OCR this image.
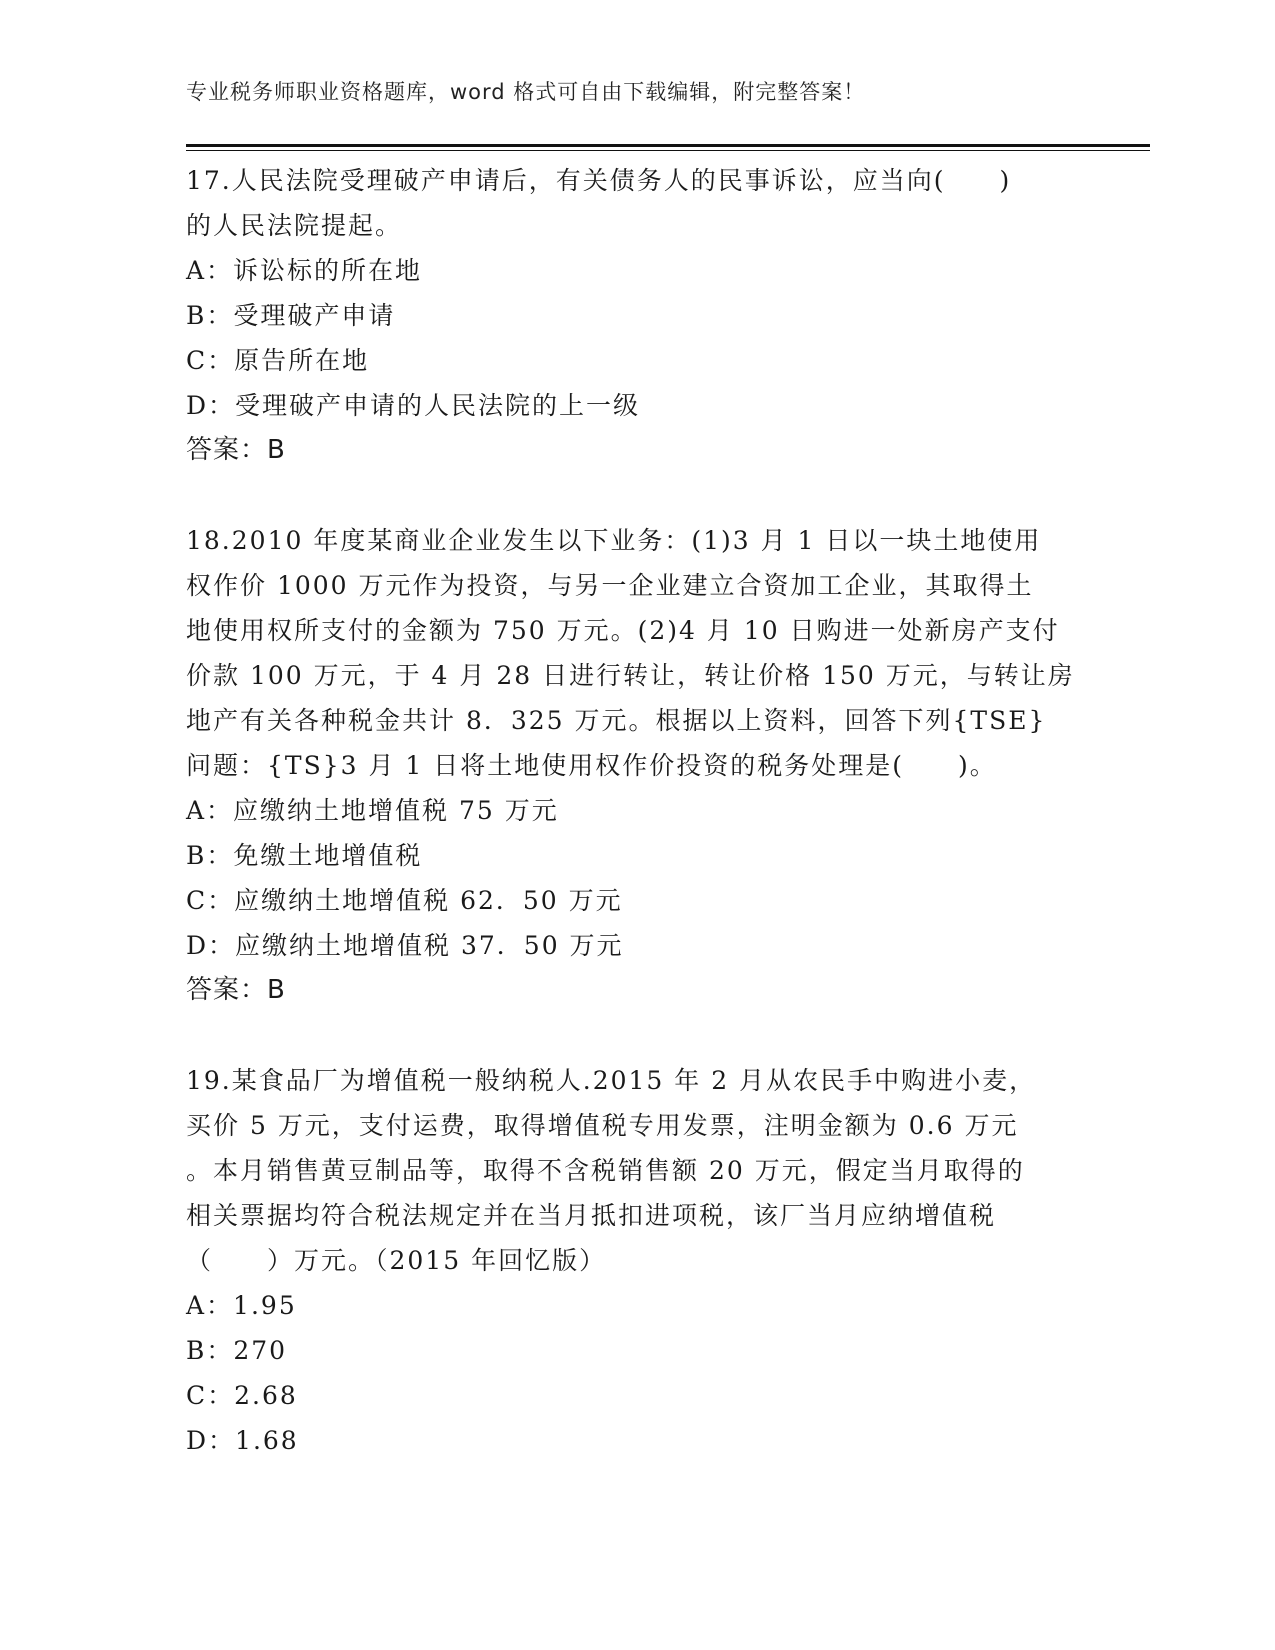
专业税务师职业资格题库，word 格式可自由下载编辑，附完整答案！

17.人民法院受理破产申请后，有关债务人的民事诉讼，应当向(　　)

的人民法院提起。

A：诉讼标的所在地

B：受理破产申请

C：原告所在地

D：受理破产申请的人民法院的上一级

答案：B

18.2010 年度某商业企业发生以下业务：(1)3 月 1 日以一块土地使用

权作价 1000 万元作为投资，与另一企业建立合资加工企业，其取得土

地使用权所支付的金额为 750 万元。(2)4 月 10 日购进一处新房产支付

价款 100 万元，于 4 月 28 日进行转让，转让价格 150 万元，与转让房

地产有关各种税金共计 8．325 万元。根据以上资料，回答下列{TSE}

问题：{TS}3 月 1 日将土地使用权作价投资的税务处理是(　　)。

A：应缴纳土地增值税 75 万元

B：免缴土地增值税

C：应缴纳土地增值税 62．50 万元

D：应缴纳土地增值税 37．50 万元

答案：B

19.某食品厂为增值税一般纳税人.2015 年 2 月从农民手中购进小麦，

买价 5 万元，支付运费，取得增值税专用发票，注明金额为 0.6 万元

。本月销售黄豆制品等，取得不含税销售额 20 万元，假定当月取得的

相关票据均符合税法规定并在当月抵扣进项税，该厂当月应纳增值税

（　　）万元。（2015 年回忆版）

A：1.95

B：270

C：2.68

D：1.68
